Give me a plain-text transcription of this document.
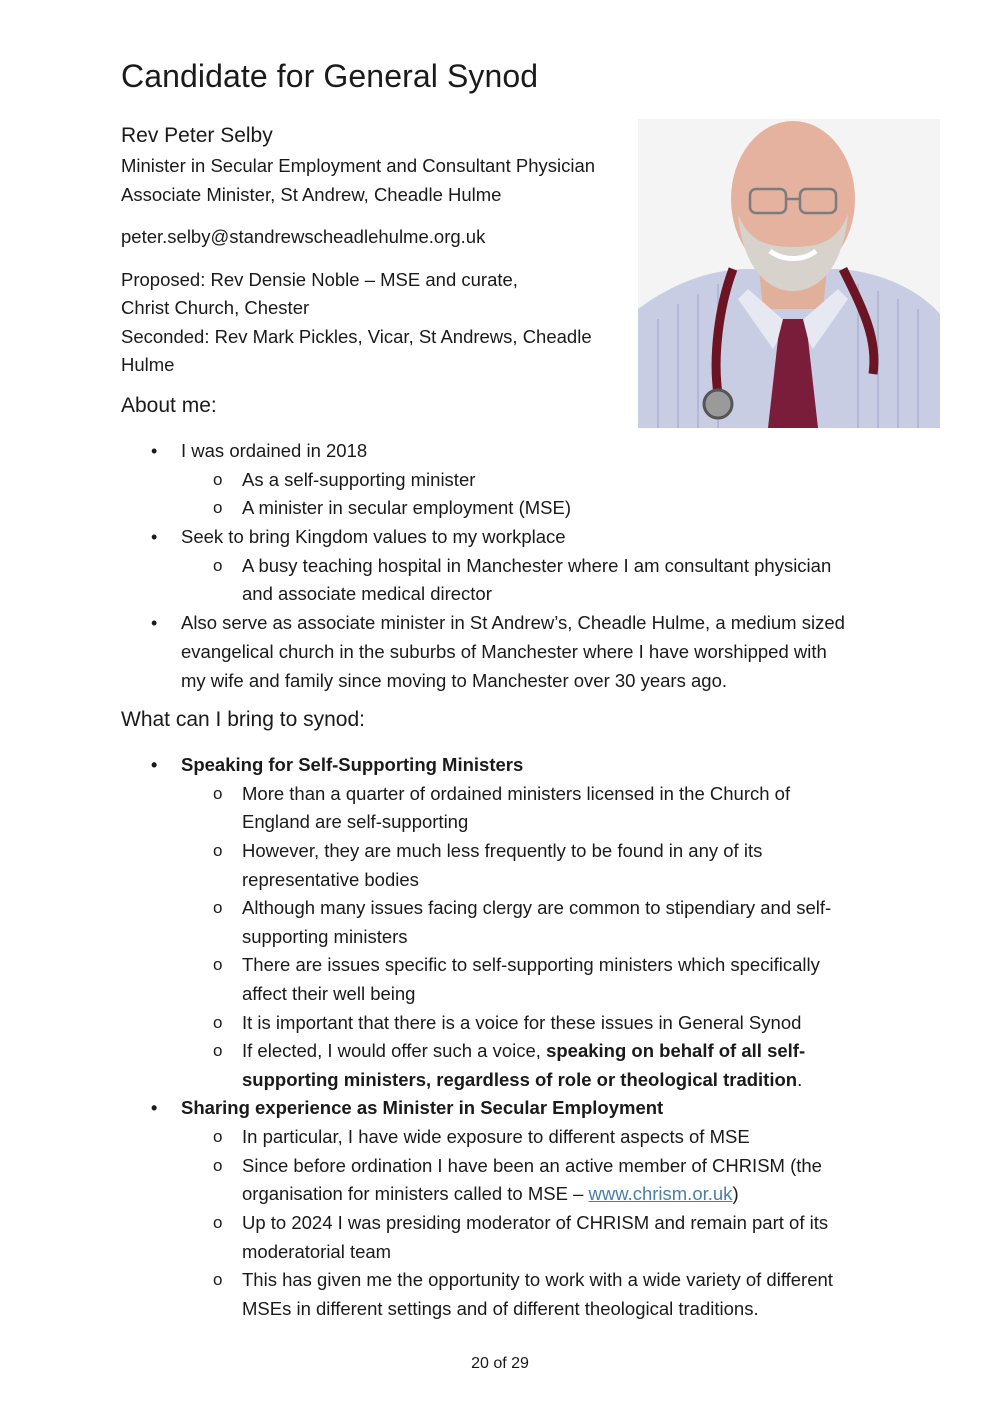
Candidate for General Synod

Rev Peter Selby

Minister in Secular Employment and Consultant Physician

Associate Minister, St Andrew, Cheadle Hulme

peter.selby@standrewscheadlehulme.org.uk

Proposed: Rev Densie Noble – MSE and curate,

Christ Church, Chester

Seconded: Rev Mark Pickles, Vicar, St Andrews, Cheadle

Hulme

About me:
• I was ordained in 2018
o As a self-supporting minister
o A minister in secular employment (MSE)
• Seek to bring Kingdom values to my workplace
o A busy teaching hospital in Manchester where I am consultant physician
and associate medical director
• Also serve as associate minister in St Andrew’s, Cheadle Hulme, a medium sized
evangelical church in the suburbs of Manchester where I have worshipped with
my wife and family since moving to Manchester over 30 years ago.
What can I bring to synod:
• Speaking for Self-Supporting Ministers
o More than a quarter of ordained ministers licensed in the Church of
England are self-supporting
o However, they are much less frequently to be found in any of its
representative bodies
o Although many issues facing clergy are common to stipendiary and self-
supporting ministers
o There are issues specific to self-supporting ministers which specifically
affect their well being
o It is important that there is a voice for these issues in General Synod
o If elected, I would offer such a voice, speaking on behalf of all self-
supporting ministers, regardless of role or theological tradition.
• Sharing experience as Minister in Secular Employment
o In particular, I have wide exposure to different aspects of MSE
o Since before ordination I have been an active member of CHRISM (the
organisation for ministers called to MSE – www.chrism.or.uk)
o Up to 2024 I was presiding moderator of CHRISM and remain part of its
moderatorial team
o This has given me the opportunity to work with a wide variety of different
MSEs in different settings and of different theological traditions.
20 of 29
